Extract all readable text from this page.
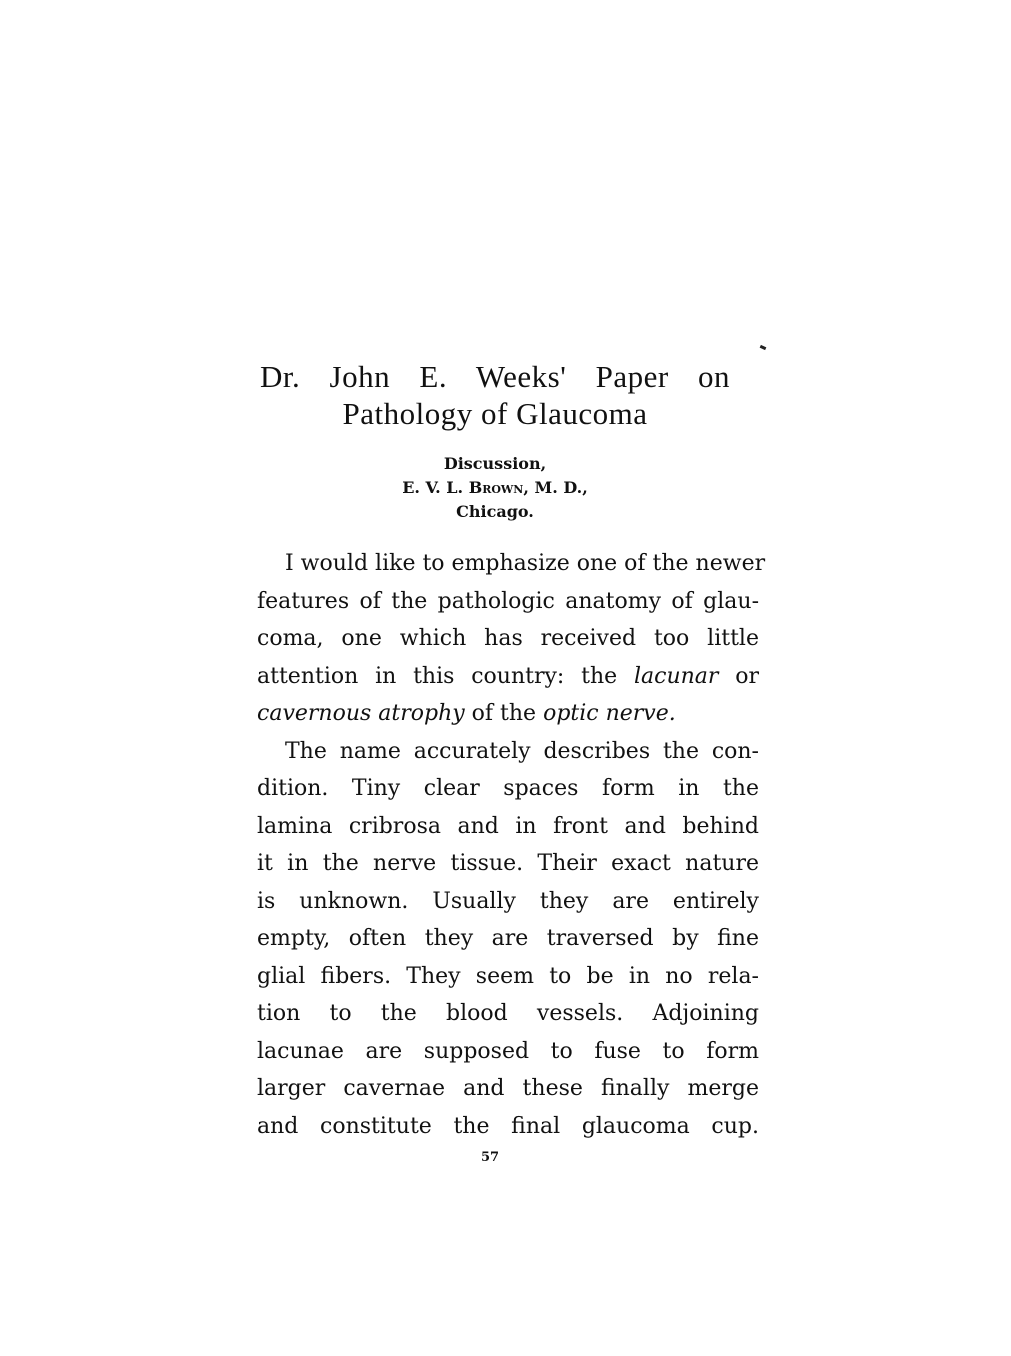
Dr. John E. Weeks' Paper on
Pathology of Glaucoma
Discussion,
E. V. L. Brown, M. D.,
Chicago.
I would like to emphasize one of the newer
features of the pathologic anatomy of glau-
coma, one which has received too little
attention in this country: the lacunar or
cavernous atrophy of the optic nerve.
The name accurately describes the con-
dition. Tiny clear spaces form in the
lamina cribrosa and in front and behind
it in the nerve tissue. Their exact nature
is unknown. Usually they are entirely
empty, often they are traversed by fine
glial fibers. They seem to be in no rela-
tion to the blood vessels. Adjoining
lacunae are supposed to fuse to form
larger cavernae and these finally merge
and constitute the final glaucoma cup.
57
